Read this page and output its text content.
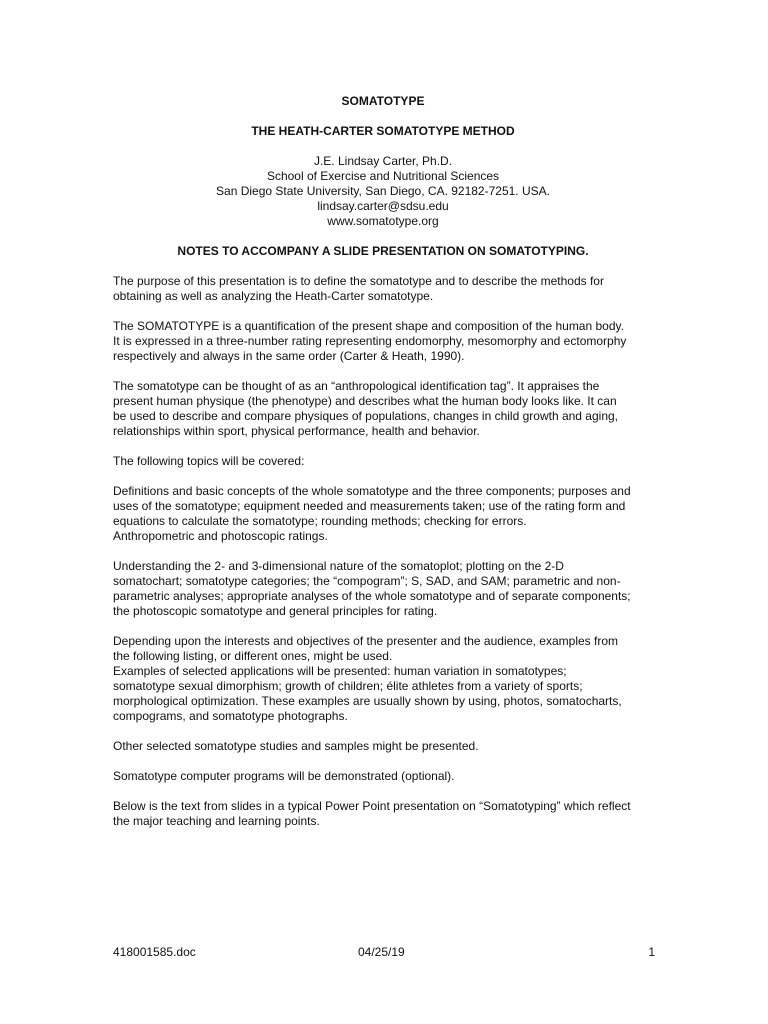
SOMATOTYPE

THE HEATH-CARTER SOMATOTYPE METHOD

J.E. Lindsay Carter, Ph.D.
School of Exercise and Nutritional Sciences
San Diego State University, San Diego, CA. 92182-7251. USA.
lindsay.carter@sdsu.edu
www.somatotype.org

NOTES TO ACCOMPANY A SLIDE PRESENTATION ON SOMATOTYPING.

The purpose of this presentation is to define the somatotype and to describe the methods for
obtaining as well as analyzing the Heath-Carter somatotype.

The SOMATOTYPE is a quantification of the present shape and composition of the human body.
It is expressed in a three-number rating representing endomorphy, mesomorphy and ectomorphy
respectively and always in the same order (Carter & Heath, 1990).

The somatotype can be thought of as an “anthropological identification tag”. It appraises the
present human physique (the phenotype) and describes what the human body looks like. It can
be used to describe and compare physiques of populations, changes in child growth and aging,
relationships within sport, physical performance, health and behavior.

The following topics will be covered:

Definitions and basic concepts of the whole somatotype and the three components; purposes and
uses of the somatotype; equipment needed and measurements taken; use of the rating form and
equations to calculate the somatotype; rounding methods; checking for errors.
Anthropometric and photoscopic ratings.

Understanding the 2- and 3-dimensional nature of the somatoplot; plotting on the 2-D
somatochart; somatotype categories; the “compogram”; S, SAD, and SAM; parametric and non-
parametric analyses; appropriate analyses of the whole somatotype and of separate components;
the photoscopic somatotype and general principles for rating.

Depending upon the interests and objectives of the presenter and the audience, examples from
the following listing, or different ones, might be used.
Examples of selected applications will be presented: human variation in somatotypes;
somatotype sexual dimorphism; growth of children; élite athletes from a variety of sports;
morphological optimization. These examples are usually shown by using, photos, somatocharts,
compograms, and somatotype photographs.

Other selected somatotype studies and samples might be presented.

Somatotype computer programs will be demonstrated (optional).

Below is the text from slides in a typical Power Point presentation on “Somatotyping” which reflect
the major teaching and learning points.

418001585.doc	04/25/19	1
